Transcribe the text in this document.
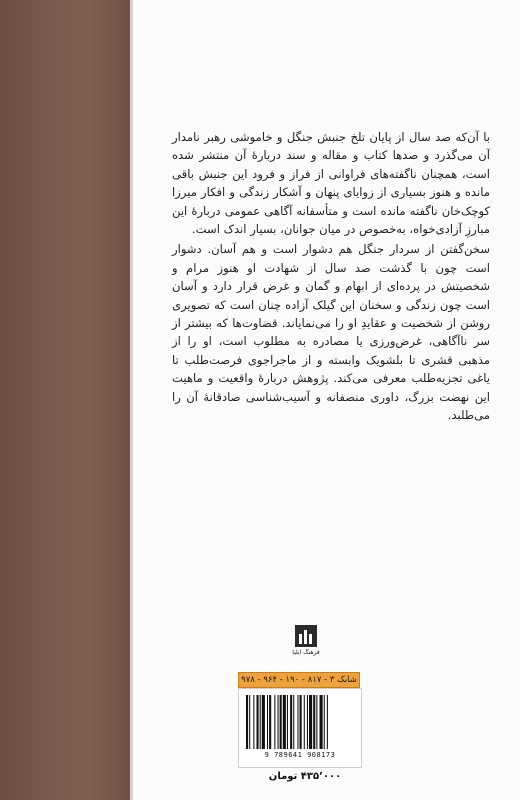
با آن‌که صد سال از پایان تلخ جنبش جنگل و خاموشی رهبر نامدار آن می‌گذرد و صدها کتاب و مقاله و سند دربارهٔ آن منتشر شده است، همچنان ناگفته‌های فراوانی از فراز و فرود این جنبش باقی مانده و هنوز بسیاری از زوایای پنهان و آشکار زندگی و افکار میرزا کوچک‌خان ناگفته مانده است و متأسفانه آگاهی عمومی دربارهٔ این مبارزِ آزادی‌خواه، به‌خصوص در میان جوانان، بسیار اندک است.

سخن‌گفتن از سردار جنگل هم دشوار است و هم آسان. دشوار است چون با گذشت صد سال از شهادت او هنوز مرام و شخصیتش در پرده‌ای از ابهام و گمان و غرض قرار دارد و آسان است چون زندگی و سخنان این گیلک آزاده چنان است که تصویری روشن از شخصیت و عقایدِ او را می‌نمایاند. قضاوت‌ها که بیشتر از سر ناآگاهی، غرض‌ورزی یا مصادره به مطلوب است، او را از مذهبی قشری تا بلشویک وابسته و از ماجراجوی فرصت‌طلب تا یاغی تجزیه‌طلب معرفی می‌کند. پژوهش دربارهٔ واقعیت و ماهیت این نهضت بزرگ، داوری منصفانه و آسیب‌شناسی صادقانهٔ آن را می‌طلبد.

فرهنگ ایلیا
شابک ۳ - ۸۱۷ - ۱۹۰ - ۹۶۴ - ۹۷۸
9 789641 908173
۴۳۵٬۰۰۰ تومان
